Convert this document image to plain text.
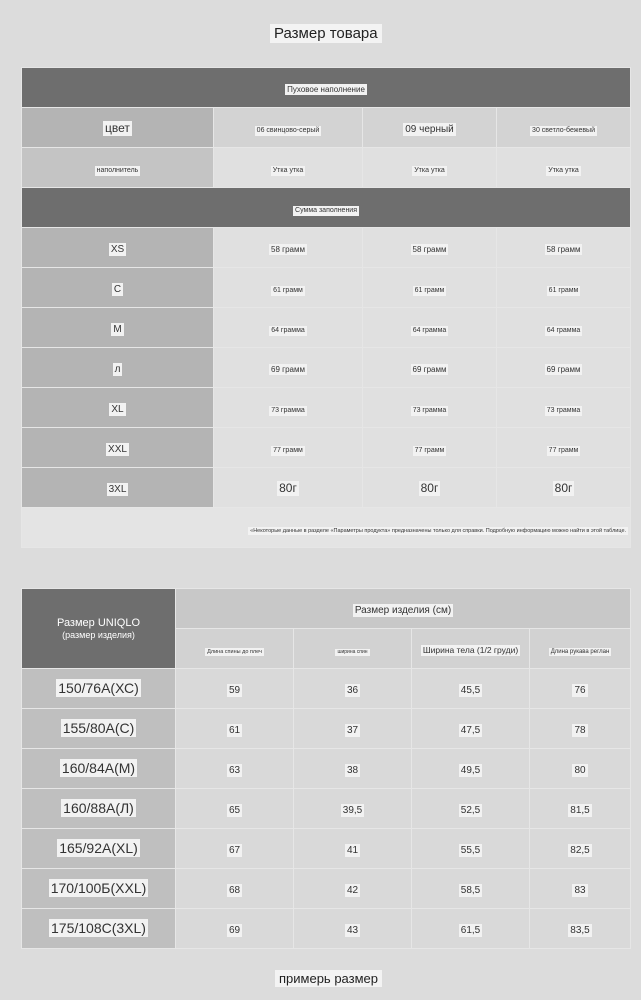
Размер товара
Пуховое наполнение			
цвет	06 свинцово-серый	09 черный	30 светло-бежевый
наполнитель	Утка утка	Утка утка	Утка утка
Сумма заполнения			
XS	58 грамм	58 грамм	58 грамм
С	61 грамм	61 грамм	61 грамм
М	64 грамма	64 грамма	64 грамма
л	69 грамм	69 грамм	69 грамм
XL	73 грамма	73 грамма	73 грамма
XXL	77 грамм	77 грамм	77 грамм
3XL	80г	80г	80г
«Некоторые данные в разделе «Параметры продукта» предназначены только для справки. Подробную информацию можно найти в этой таблице.			
Размер UNIQLO
(размер изделия)	Размер изделия (см)			
	Длина спины до плеч	ширина спин	Ширина тела (1/2 груди)	Длина рукава реглан
150/76А(ХС)	59	36	45,5	76
155/80А(С)	61	37	47,5	78
160/84А(М)	63	38	49,5	80
160/88А(Л)	65	39,5	52,5	81,5
165/92А(XL)	67	41	55,5	82,5
170/100Б(XXL)	68	42	58,5	83
175/108С(3XL)	69	43	61,5	83,5
примерь размер
